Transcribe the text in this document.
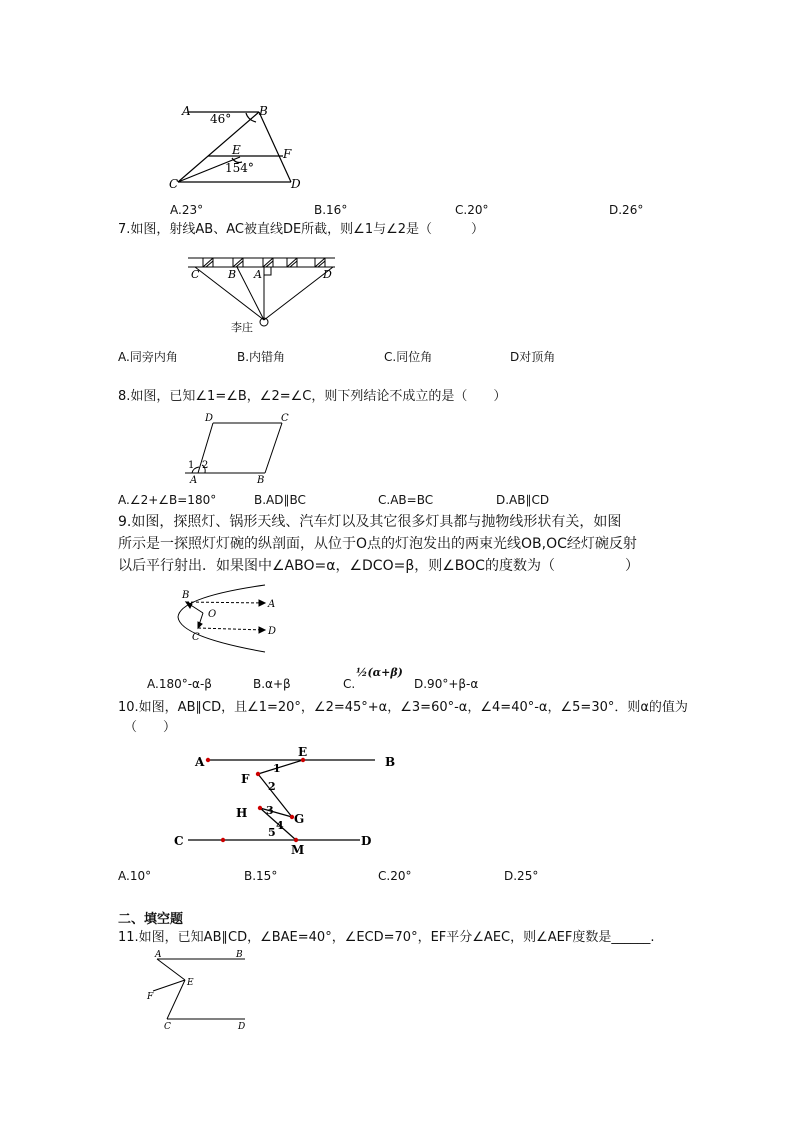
A	B
46°
E	F
154°
C	D
A.23°	B.16°	C.20°	D.26°
7.如图，射线AB、AC被直线DE所截，则∠1与∠2是（　　　）
C	B A	D
李庄
A.同旁内角	B.内错角	C.同位角	D对顶角
8.如图，已知∠1=∠B，∠2=∠C，则下列结论不成立的是（　　）
D	C
1 2
A	B
A.∠2+∠B=180°	B.AD∥BC	C.AB=BC	D.AB∥CD
9.如图，探照灯、锅形天线、汽车灯以及其它很多灯具都与抛物线形状有关，如图
所示是一探照灯灯碗的纵剖面，从位于O点的灯泡发出的两束光线OB,OC经灯碗反射
以后平行射出．如果图中∠ABO=α，∠DCO=β，则∠BOC的度数为（　　　　　）
B
O
A
C
D
A.180°-α-β	B.α+β	C.
½(α+β)
D.90°+β-α
10.如图，AB∥CD，且∠1=20°，∠2=45°+α，∠3=60°-α，∠4=40°-α，∠5=30°．则α的值为
（　　）
A
E
B
F
1
2
H 3
G
4
5
C
M
D
A.10°	B.15°	C.20°	D.25°
二、填空题
11.如图，已知AB∥CD，∠BAE=40°，∠ECD=70°，EF平分∠AEC，则∠AEF度数是______.
A	B
E
F
C	D
